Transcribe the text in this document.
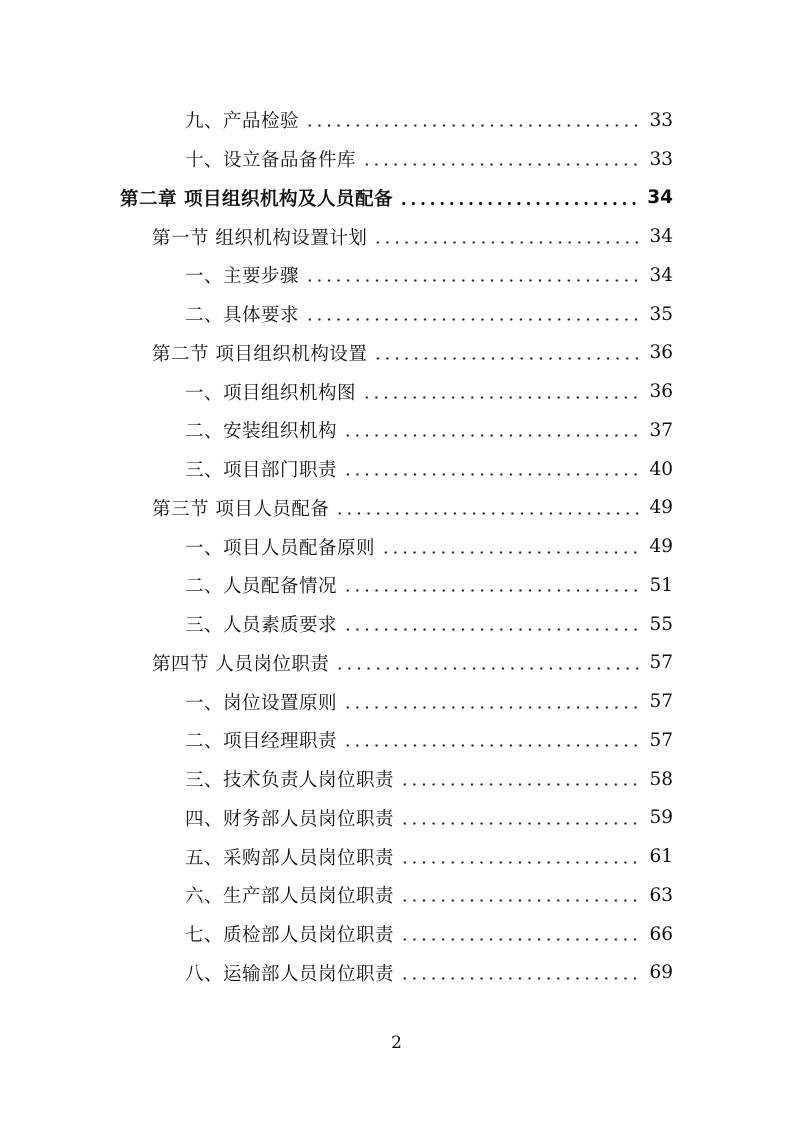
九、产品检验	33
十、设立备品备件库	33
第二章 项目组织机构及人员配备	34
第一节 组织机构设置计划	34
一、主要步骤	34
二、具体要求	35
第二节 项目组织机构设置	36
一、项目组织机构图	36
二、安装组织机构	37
三、项目部门职责	40
第三节 项目人员配备	49
一、项目人员配备原则	49
二、人员配备情况	51
三、人员素质要求	55
第四节 人员岗位职责	57
一、岗位设置原则	57
二、项目经理职责	57
三、技术负责人岗位职责	58
四、财务部人员岗位职责	59
五、采购部人员岗位职责	61
六、生产部人员岗位职责	63
七、质检部人员岗位职责	66
八、运输部人员岗位职责	69
2
